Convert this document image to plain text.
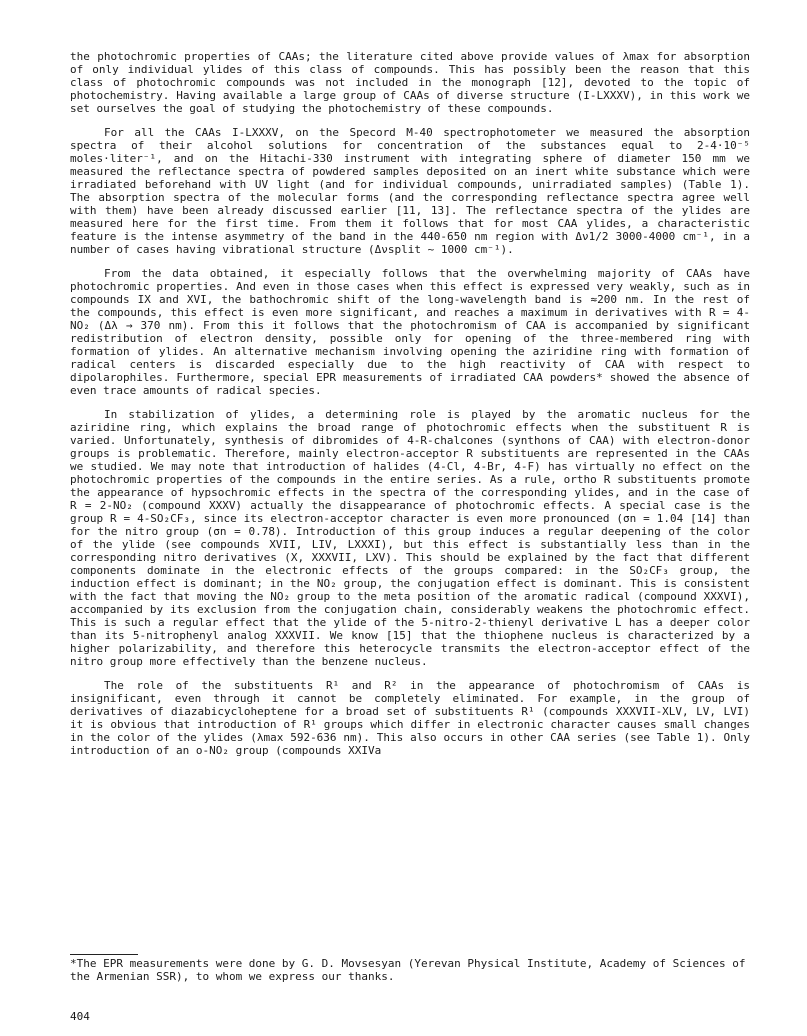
the photochromic properties of CAAs; the literature cited above provide values of λmax for absorption of only individual ylides of this class of compounds. This has possibly been the reason that this class of photochromic compounds was not included in the monograph [12], devoted to the topic of photochemistry. Having available a large group of CAAs of diverse structure (I-LXXXV), in this work we set ourselves the goal of studying the photochemistry of these compounds.

For all the CAAs I-LXXXV, on the Specord M-40 spectrophotometer we measured the absorption spectra of their alcohol solutions for concentration of the substances equal to 2-4·10⁻⁵ moles·liter⁻¹, and on the Hitachi-330 instrument with integrating sphere of diameter 150 mm we measured the reflectance spectra of powdered samples deposited on an inert white substance which were irradiated beforehand with UV light (and for individual compounds, unirradiated samples) (Table 1). The absorption spectra of the molecular forms (and the corresponding reflectance spectra agree well with them) have been already discussed earlier [11, 13]. The reflectance spectra of the ylides are measured here for the first time. From them it follows that for most CAA ylides, a characteristic feature is the intense asymmetry of the band in the 440-650 nm region with Δν1/2 3000-4000 cm⁻¹, in a number of cases having vibrational structure (Δνsplit ~ 1000 cm⁻¹).

From the data obtained, it especially follows that the overwhelming majority of CAAs have photochromic properties. And even in those cases when this effect is expressed very weakly, such as in compounds IX and XVI, the bathochromic shift of the long-wavelength band is ≈200 nm. In the rest of the compounds, this effect is even more significant, and reaches a maximum in derivatives with R = 4-NO₂ (Δλ → 370 nm). From this it follows that the photochromism of CAA is accompanied by significant redistribution of electron density, possible only for opening of the three-membered ring with formation of ylides. An alternative mechanism involving opening the aziridine ring with formation of radical centers is discarded especially due to the high reactivity of CAA with respect to dipolarophiles. Furthermore, special EPR measurements of irradiated CAA powders* showed the absence of even trace amounts of radical species.

In stabilization of ylides, a determining role is played by the aromatic nucleus for the aziridine ring, which explains the broad range of photochromic effects when the substituent R is varied. Unfortunately, synthesis of dibromides of 4-R-chalcones (synthons of CAA) with electron-donor groups is problematic. Therefore, mainly electron-acceptor R substituents are represented in the CAAs we studied. We may note that introduction of halides (4-Cl, 4-Br, 4-F) has virtually no effect on the photochromic properties of the compounds in the entire series. As a rule, ortho R substituents promote the appearance of hypsochromic effects in the spectra of the corresponding ylides, and in the case of R = 2-NO₂ (compound XXXV) actually the disappearance of photochromic effects. A special case is the group R = 4-SO₂CF₃, since its electron-acceptor character is even more pronounced (σn = 1.04 [14] than for the nitro group (σn = 0.78). Introduction of this group induces a regular deepening of the color of the ylide (see compounds XVII, LIV, LXXXI), but this effect is substantially less than in the corresponding nitro derivatives (X, XXXVII, LXV). This should be explained by the fact that different components dominate in the electronic effects of the groups compared: in the SO₂CF₃ group, the induction effect is dominant; in the NO₂ group, the conjugation effect is dominant. This is consistent with the fact that moving the NO₂ group to the meta position of the aromatic radical (compound XXXVI), accompanied by its exclusion from the conjugation chain, considerably weakens the photochromic effect. This is such a regular effect that the ylide of the 5-nitro-2-thienyl derivative L has a deeper color than its 5-nitrophenyl analog XXXVII. We know [15] that the thiophene nucleus is characterized by a higher polarizability, and therefore this heterocycle transmits the electron-acceptor effect of the nitro group more effectively than the benzene nucleus.

The role of the substituents R¹ and R² in the appearance of photochromism of CAAs is insignificant, even through it cannot be completely eliminated. For example, in the group of derivatives of diazabicycloheptene for a broad set of substituents R¹ (compounds XXXVII-XLV, LV, LVI) it is obvious that introduction of R¹ groups which differ in electronic character causes small changes in the color of the ylides (λmax 592-636 nm). This also occurs in other CAA series (see Table 1). Only introduction of an o-NO₂ group (compounds XXIVa

*The EPR measurements were done by G. D. Movsesyan (Yerevan Physical Institute, Academy of Sciences of the Armenian SSR), to whom we express our thanks.
404
